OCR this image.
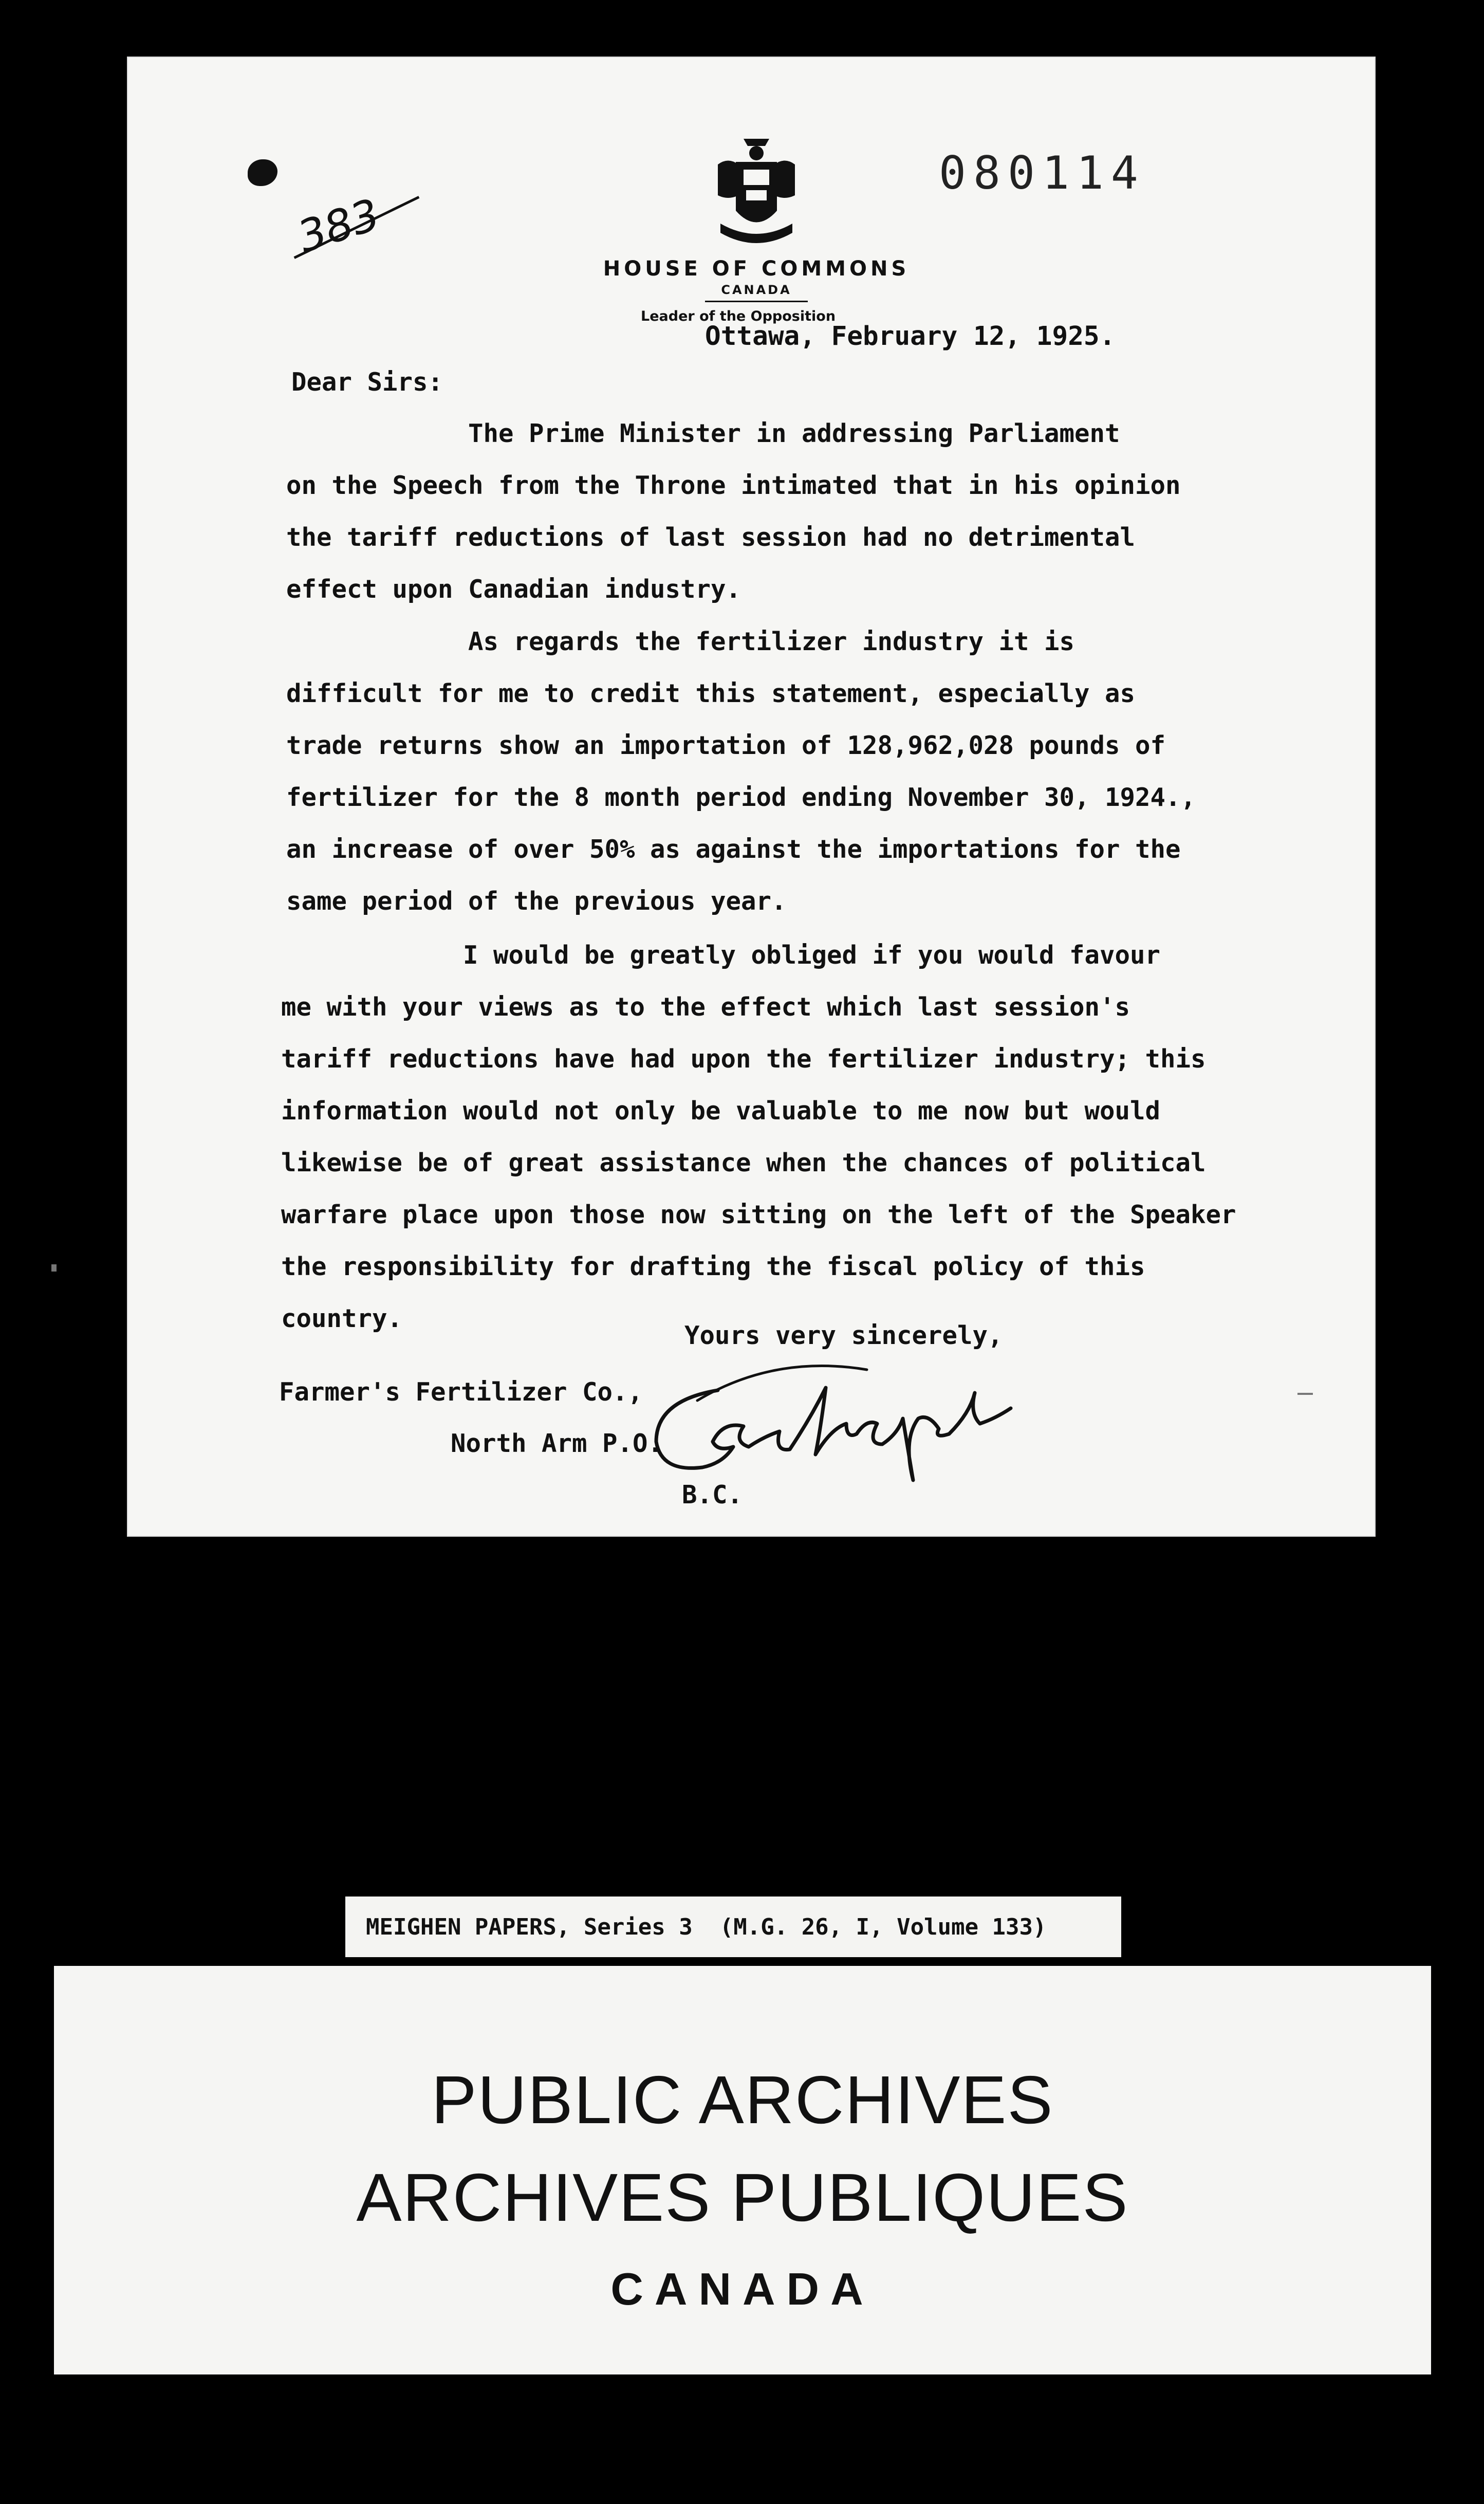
383
080114
HOUSE OF COMMONS
CANADA
Leader of the Opposition
Ottawa, February 12, 1925.
Dear Sirs:
The Prime Minister in addressing Parliament
on the Speech from the Throne intimated that in his opinion
the tariff reductions of last session had no detrimental
effect upon Canadian industry.
As regards the fertilizer industry it is
difficult for me to credit this statement, especially as
trade returns show an importation of 128,962,028 pounds of
fertilizer for the 8 month period ending November 30, 1924.,
an increase of over 50% as against the importations for the
same period of the previous year.
I would be greatly obliged if you would favour
me with your views as to the effect which last session's
tariff reductions have had upon the fertilizer industry; this
information would not only be valuable to me now but would
likewise be of great assistance when the chances of political
warfare place upon those now sitting on the left of the Speaker
the responsibility for drafting the fiscal policy of this
country.
Yours very sincerely,
Farmer's Fertilizer Co.,
North Arm P.O.
B.C.
MEIGHEN PAPERS, Series 3  (M.G. 26, I, Volume 133)
PUBLIC ARCHIVES
ARCHIVES PUBLIQUES
CANADA
